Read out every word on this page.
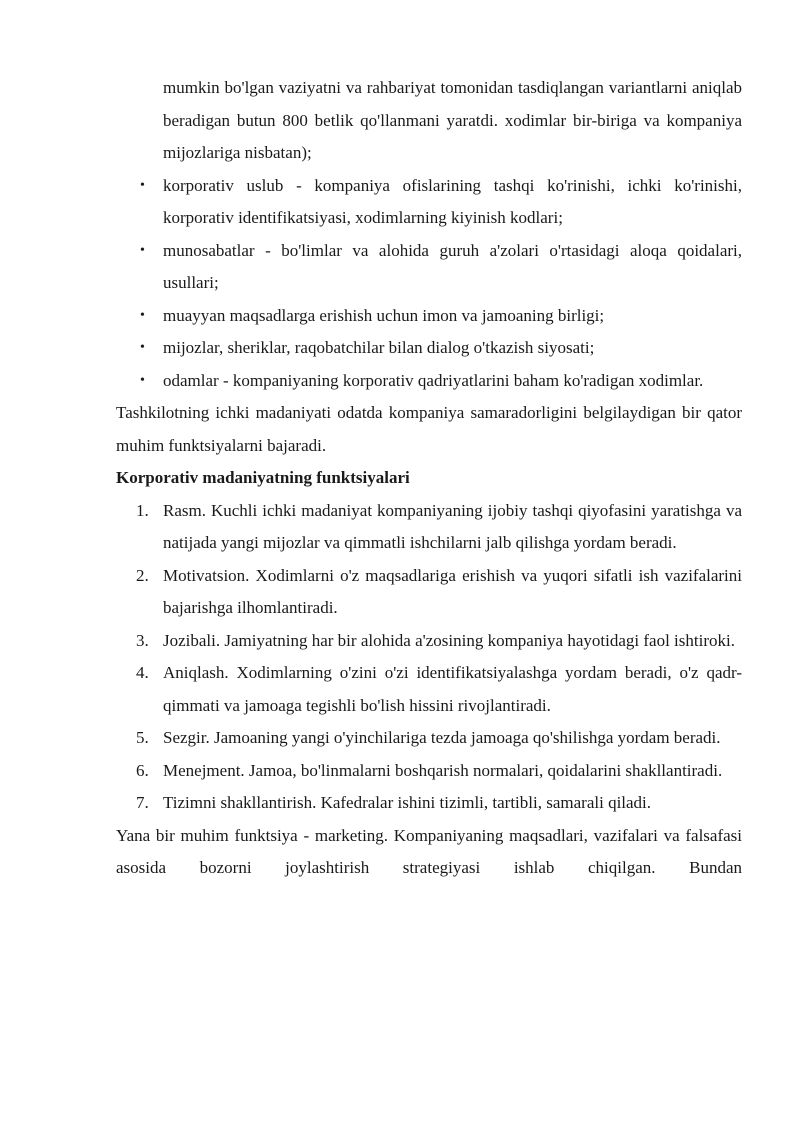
mumkin bo'lgan vaziyatni va rahbariyat tomonidan tasdiqlangan variantlarni aniqlab beradigan butun 800 betlik qo'llanmani yaratdi. xodimlar bir-biriga va kompaniya mijozlariga nisbatan);

• korporativ uslub - kompaniya ofislarining tashqi ko'rinishi, ichki ko'rinishi, korporativ identifikatsiyasi, xodimlarning kiyinish kodlari;
• munosabatlar - bo'limlar va alohida guruh a'zolari o'rtasidagi aloqa qoidalari, usullari;
• muayyan maqsadlarga erishish uchun imon va jamoaning birligi;
• mijozlar, sheriklar, raqobatchilar bilan dialog o'tkazish siyosati;
• odamlar - kompaniyaning korporativ qadriyatlarini baham ko'radigan xodimlar.

Tashkilotning ichki madaniyati odatda kompaniya samaradorligini belgilaydigan bir qator muhim funktsiyalarni bajaradi.

Korporativ madaniyatning funktsiyalari

1. Rasm. Kuchli ichki madaniyat kompaniyaning ijobiy tashqi qiyofasini yaratishga va natijada yangi mijozlar va qimmatli ishchilarni jalb qilishga yordam beradi.
2. Motivatsion. Xodimlarni o'z maqsadlariga erishish va yuqori sifatli ish vazifalarini bajarishga ilhomlantiradi.
3. Jozibali. Jamiyatning har bir alohida a'zosining kompaniya hayotidagi faol ishtiroki.
4. Aniqlash. Xodimlarning o'zini o'zi identifikatsiyalashga yordam beradi, o'z qadr-qimmati va jamoaga tegishli bo'lish hissini rivojlantiradi.
5. Sezgir. Jamoaning yangi o'yinchilariga tezda jamoaga qo'shilishga yordam beradi.
6. Menejment. Jamoa, bo'linmalarni boshqarish normalari, qoidalarini shakllantiradi.
7. Tizimni shakllantirish. Kafedralar ishini tizimli, tartibli, samarali qiladi.

Yana bir muhim funktsiya - marketing. Kompaniyaning maqsadlari, vazifalari va falsafasi asosida bozorni joylashtirish strategiyasi ishlab chiqilgan. Bundan
